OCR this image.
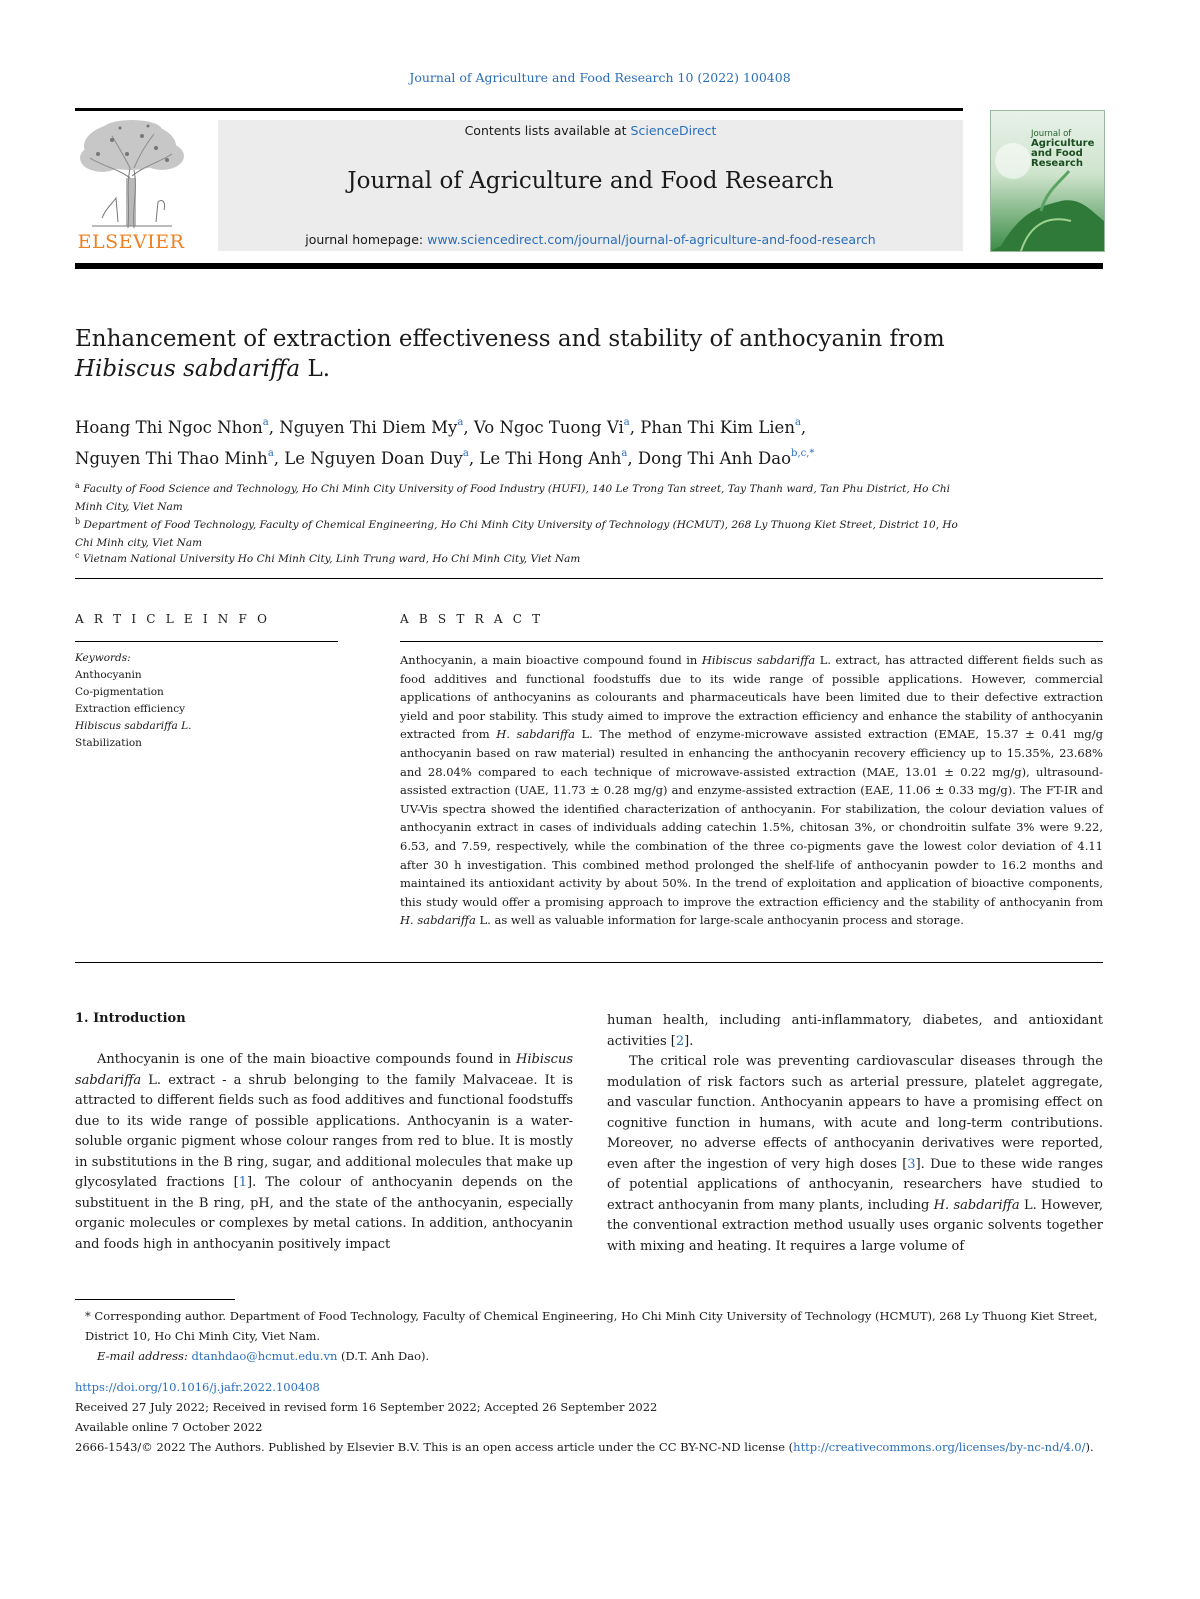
Journal of Agriculture and Food Research 10 (2022) 100408
ELSEVIER
Contents lists available at ScienceDirect
Journal of Agriculture and Food Research
journal homepage: www.sciencedirect.com/journal/journal-of-agriculture-and-food-research
Journal of
Agriculture
and Food
Research
Enhancement of extraction effectiveness and stability of anthocyanin from
Hibiscus sabdariffa L.
Hoang Thi Ngoc Nhon$^a$, Nguyen Thi Diem My$^a$, Vo Ngoc Tuong Vi$^a$, Phan Thi Kim Lien$^a$,
Nguyen Thi Thao Minh$^a$, Le Nguyen Doan Duy$^a$, Le Thi Hong Anh$^a$, Dong Thi Anh Dao$^{b,c,*}$
$^a$ Faculty of Food Science and Technology, Ho Chi Minh City University of Food Industry (HUFI), 140 Le Trong Tan street, Tay Thanh ward, Tan Phu District, Ho Chi Minh City, Viet Nam
$^b$ Department of Food Technology, Faculty of Chemical Engineering, Ho Chi Minh City University of Technology (HCMUT), 268 Ly Thuong Kiet Street, District 10, Ho Chi Minh city, Viet Nam
$^c$ Vietnam National University Ho Chi Minh City, Linh Trung ward, Ho Chi Minh City, Viet Nam
A R T I C L E I N F O	A B S T R A C T
Keywords:
Anthocyanin
Co-pigmentation
Extraction efficiency
Hibiscus sabdariffa L.
Stabilization
Anthocyanin, a main bioactive compound found in Hibiscus sabdariffa L. extract, has attracted different fields such as food additives and functional foodstuffs due to its wide range of possible applications. However, commercial applications of anthocyanins as colourants and pharmaceuticals have been limited due to their defective extraction yield and poor stability. This study aimed to improve the extraction efficiency and enhance the stability of anthocyanin extracted from H. sabdariffa L. The method of enzyme-microwave assisted extraction (EMAE, 15.37 ± 0.41 mg/g anthocyanin based on raw material) resulted in enhancing the anthocyanin recovery efficiency up to 15.35%, 23.68% and 28.04% compared to each technique of microwave-assisted extraction (MAE, 13.01 ± 0.22 mg/g), ultrasound-assisted extraction (UAE, 11.73 ± 0.28 mg/g) and enzyme-assisted extraction (EAE, 11.06 ± 0.33 mg/g). The FT-IR and UV-Vis spectra showed the identified characterization of anthocyanin. For stabilization, the colour deviation values of anthocyanin extract in cases of individuals adding catechin 1.5%, chitosan 3%, or chondroitin sulfate 3% were 9.22, 6.53, and 7.59, respectively, while the combination of the three co-pigments gave the lowest color deviation of 4.11 after 30 h investigation. This combined method prolonged the shelf-life of anthocyanin powder to 16.2 months and maintained its antioxidant activity by about 50%. In the trend of exploitation and application of bioactive components, this study would offer a promising approach to improve the extraction efficiency and the stability of anthocyanin from H. sabdariffa L. as well as valuable information for large-scale anthocyanin process and storage.
1. Introduction
Anthocyanin is one of the main bioactive compounds found in Hibiscus sabdariffa L. extract - a shrub belonging to the family Malvaceae. It is attracted to different fields such as food additives and functional foodstuffs due to its wide range of possible applications. Anthocyanin is a water-soluble organic pigment whose colour ranges from red to blue. It is mostly in substitutions in the B ring, sugar, and additional molecules that make up glycosylated fractions [1]. The colour of anthocyanin depends on the substituent in the B ring, pH, and the state of the anthocyanin, especially organic molecules or complexes by metal cations. In addition, anthocyanin and foods high in anthocyanin positively impact

human health, including anti-inflammatory, diabetes, and antioxidant activities [2].

The critical role was preventing cardiovascular diseases through the modulation of risk factors such as arterial pressure, platelet aggregate, and vascular function. Anthocyanin appears to have a promising effect on cognitive function in humans, with acute and long-term contributions. Moreover, no adverse effects of anthocyanin derivatives were reported, even after the ingestion of very high doses [3]. Due to these wide ranges of potential applications of anthocyanin, researchers have studied to extract anthocyanin from many plants, including H. sabdariffa L. However, the conventional extraction method usually uses organic solvents together with mixing and heating. It requires a large volume of

* Corresponding author. Department of Food Technology, Faculty of Chemical Engineering, Ho Chi Minh City University of Technology (HCMUT), 268 Ly Thuong Kiet Street, District 10, Ho Chi Minh City, Viet Nam.
E-mail address: dtanhdao@hcmut.edu.vn (D.T. Anh Dao).
https://doi.org/10.1016/j.jafr.2022.100408
Received 27 July 2022; Received in revised form 16 September 2022; Accepted 26 September 2022
Available online 7 October 2022
2666-1543/© 2022 The Authors. Published by Elsevier B.V. This is an open access article under the CC BY-NC-ND license (http://creativecommons.org/licenses/by-nc-nd/4.0/).
